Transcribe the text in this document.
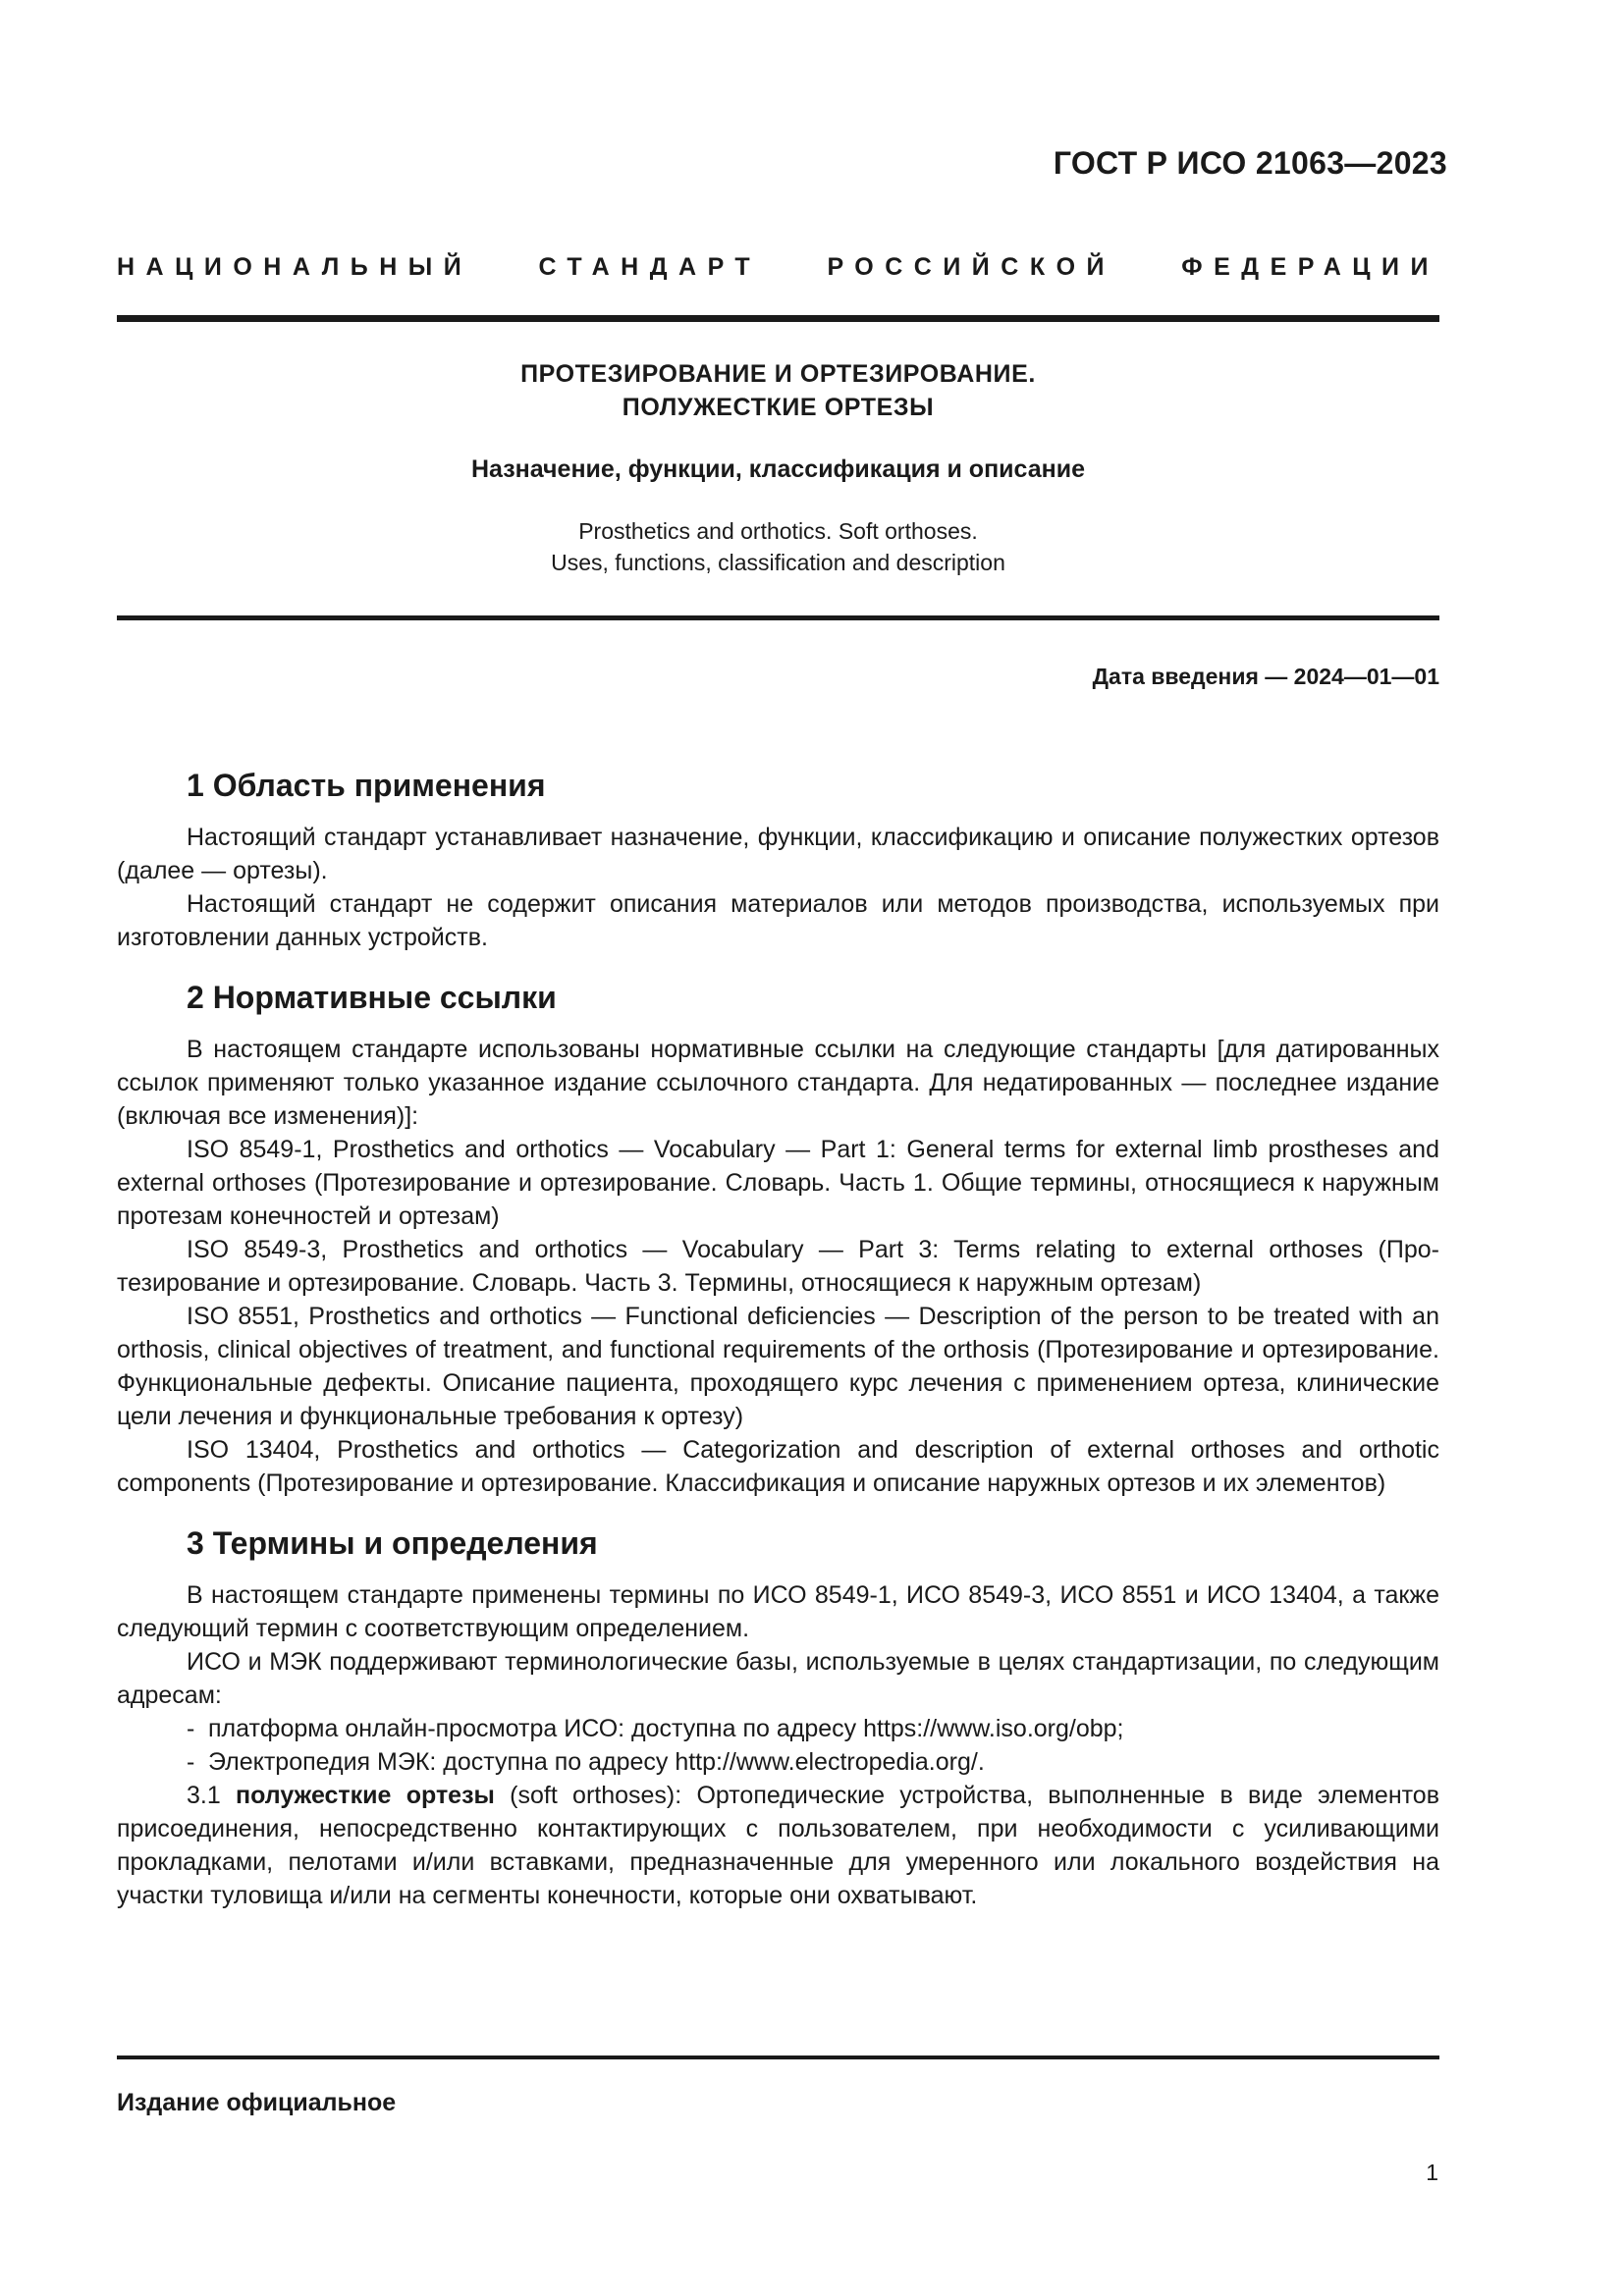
ГОСТ Р ИСО 21063—2023
НАЦИОНАЛЬНЫЙ СТАНДАРТ РОССИЙСКОЙ ФЕДЕРАЦИИ
ПРОТЕЗИРОВАНИЕ И ОРТЕЗИРОВАНИЕ.
ПОЛУЖЕСТКИЕ ОРТЕЗЫ
Назначение, функции, классификация и описание
Prosthetics and orthotics. Soft orthoses.
Uses, functions, classification and description
Дата введения — 2024—01—01
1 Область применения

Настоящий стандарт устанавливает назначение, функции, классификацию и описание полужестких ортезов (далее — ортезы).

Настоящий стандарт не содержит описания материалов или методов производства, используемых при изготовлении данных устройств.

2 Нормативные ссылки

В настоящем стандарте использованы нормативные ссылки на следующие стандарты [для датированных ссылок применяют только указанное издание ссылочного стандарта. Для недатированных — последнее издание (включая все изменения)]:

ISO 8549-1, Prosthetics and orthotics — Vocabulary — Part 1: General terms for external limb prostheses and external orthoses (Протезирование и ортезирование. Словарь. Часть 1. Общие термины, относящиеся к наружным протезам конечностей и ортезам)

ISO 8549-3, Prosthetics and orthotics — Vocabulary — Part 3: Terms relating to external orthoses (Протезирование и ортезирование. Словарь. Часть 3. Термины, относящиеся к наружным ортезам)

ISO 8551, Prosthetics and orthotics — Functional deficiencies — Description of the person to be treated with an orthosis, clinical objectives of treatment, and functional requirements of the orthosis (Протезирование и ортезирование. Функциональные дефекты. Описание пациента, проходящего курс лечения с применением ортеза, клинические цели лечения и функциональные требования к ортезу)

ISO 13404, Prosthetics and orthotics — Categorization and description of external orthoses and orthotic components (Протезирование и ортезирование. Классификация и описание наружных ортезов и их элементов)

3 Термины и определения

В настоящем стандарте применены термины по ИСО 8549-1, ИСО 8549-3, ИСО 8551 и ИСО 13404, а также следующий термин с соответствующим определением.

ИСО и МЭК поддерживают терминологические базы, используемые в целях стандартизации, по следующим адресам:

- платформа онлайн-просмотра ИСО: доступна по адресу https://www.iso.org/obp;

- Электропедия МЭК: доступна по адресу http://www.electropedia.org/.

3.1 полужесткие ортезы (soft orthoses): Ортопедические устройства, выполненные в виде элементов присоединения, непосредственно контактирующих с пользователем, при необходимости с усиливающими прокладками, пелотами и/или вставками, предназначенные для умеренного или локального воздействия на участки туловища и/или на сегменты конечности, которые они охватывают.

Издание официальное
1
